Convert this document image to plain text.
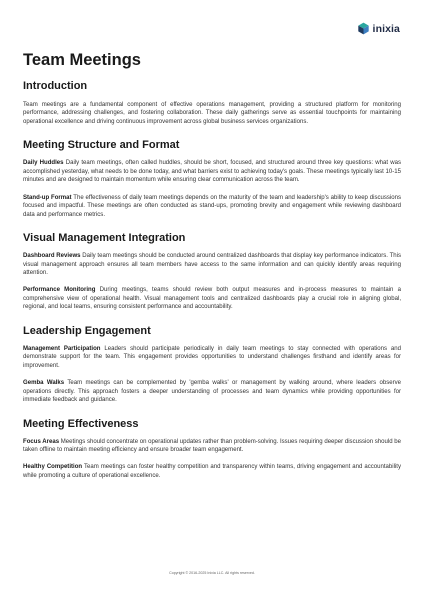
inixia
Team Meetings
Introduction

Team meetings are a fundamental component of effective operations management, providing a structured platform for monitoring performance, addressing challenges, and fostering collaboration. These daily gatherings serve as essential touchpoints for maintaining operational excellence and driving continuous improvement across global business services organizations.

Meeting Structure and Format

Daily Huddles Daily team meetings, often called huddles, should be short, focused, and structured around three key questions: what was accomplished yesterday, what needs to be done today, and what barriers exist to achieving today's goals. These meetings typically last 10-15 minutes and are designed to maintain momentum while ensuring clear communication across the team.

Stand-up Format The effectiveness of daily team meetings depends on the maturity of the team and leadership's ability to keep discussions focused and impactful. These meetings are often conducted as stand-ups, promoting brevity and engagement while reviewing dashboard data and performance metrics.

Visual Management Integration

Dashboard Reviews Daily team meetings should be conducted around centralized dashboards that display key performance indicators. This visual management approach ensures all team members have access to the same information and can quickly identify areas requiring attention.

Performance Monitoring During meetings, teams should review both output measures and in-process measures to maintain a comprehensive view of operational health. Visual management tools and centralized dashboards play a crucial role in aligning global, regional, and local teams, ensuring consistent performance and accountability.

Leadership Engagement

Management Participation Leaders should participate periodically in daily team meetings to stay connected with operations and demonstrate support for the team. This engagement provides opportunities to understand challenges firsthand and identify areas for improvement.

Gemba Walks Team meetings can be complemented by 'gemba walks' or management by walking around, where leaders observe operations directly. This approach fosters a deeper understanding of processes and team dynamics while providing opportunities for immediate feedback and guidance.

Meeting Effectiveness

Focus Areas Meetings should concentrate on operational updates rather than problem-solving. Issues requiring deeper discussion should be taken offline to maintain meeting efficiency and ensure broader team engagement.

Healthy Competition Team meetings can foster healthy competition and transparency within teams, driving engagement and accountability while promoting a culture of operational excellence.

Copyright © 2016-2025 Inixia LLC. All rights reserved.
